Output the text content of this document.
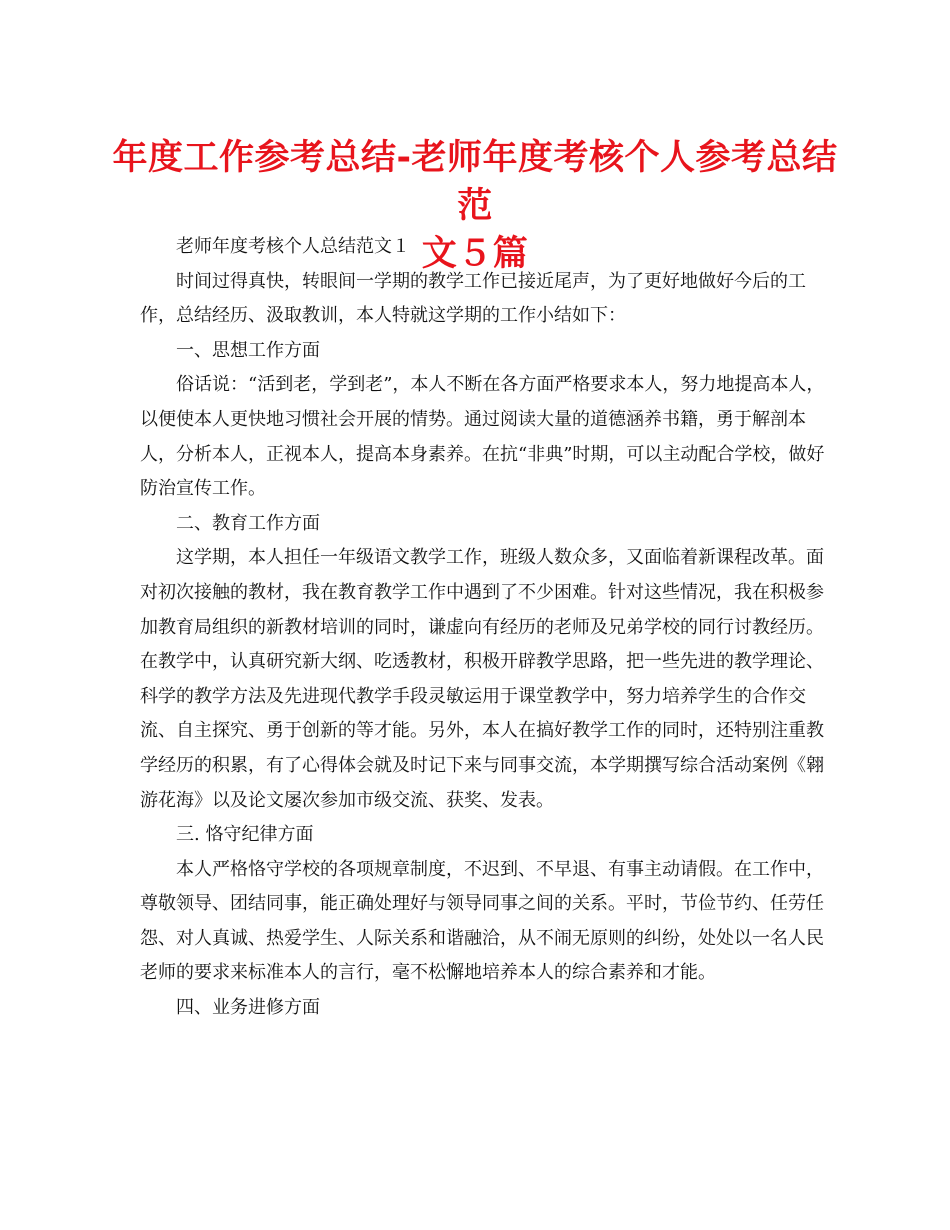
年度工作参考总结-老师年度考核个人参考总结范
文５篇

老师年度考核个人总结范文１

时间过得真快，转眼间一学期的教学工作已接近尾声，为了更好地做好今后的工作，总结经历、汲取教训，本人特就这学期的工作小结如下：

一、思想工作方面

俗话说：“活到老，学到老”，本人不断在各方面严格要求本人，努力地提高本人，以便使本人更快地习惯社会开展的情势。通过阅读大量的道德涵养书籍，勇于解剖本人，分析本人，正视本人，提高本身素养。在抗“非典”时期，可以主动配合学校，做好防治宣传工作。

二、教育工作方面

这学期，本人担任一年级语文教学工作，班级人数众多，又面临着新课程改革。面对初次接触的教材，我在教育教学工作中遇到了不少困难。针对这些情况，我在积极参加教育局组织的新教材培训的同时，谦虚向有经历的老师及兄弟学校的同行讨教经历。在教学中，认真研究新大纲、吃透教材，积极开辟教学思路，把一些先进的教学理论、科学的教学方法及先进现代教学手段灵敏运用于课堂教学中，努力培养学生的合作交流、自主探究、勇于创新的等才能。另外，本人在搞好教学工作的同时，还特别注重教学经历的积累，有了心得体会就及时记下来与同事交流，本学期撰写综合活动案例《翱游花海》以及论文屡次参加市级交流、获奖、发表。

三. 恪守纪律方面

本人严格恪守学校的各项规章制度，不迟到、不早退、有事主动请假。在工作中，尊敬领导、团结同事，能正确处理好与领导同事之间的关系。平时，节俭节约、任劳任怨、对人真诚、热爱学生、人际关系和谐融洽，从不闹无原则的纠纷，处处以一名人民老师的要求来标准本人的言行，毫不松懈地培养本人的综合素养和才能。

四、业务进修方面
